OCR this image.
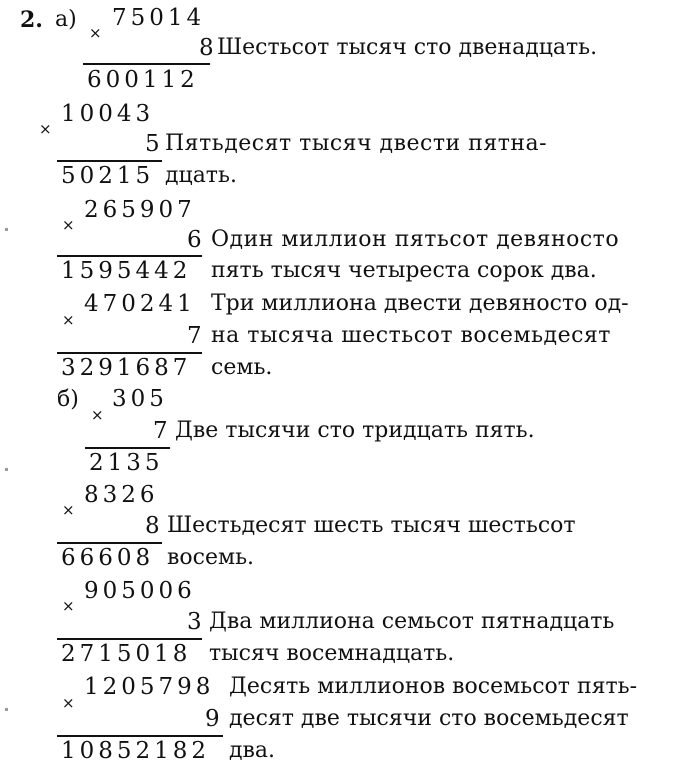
2. а) 75014
×
8
600112
Шестьсот тысяч сто двенадцать.
10043
×
5
50215
Пятьдесят тысяч двести пятна-
дцать.
265907
×
6
1595442
Один миллион пятьсот девяносто
пять тысяч четыреста сорок два.
470241
×
7
3291687
Три миллиона двести девяносто од-
на тысяча шестьсот восемьдесят
семь.
б) 305
×
7
2135
Две тысячи сто тридцать пять.
8326
×
8
66608
Шестьдесят шесть тысяч шестьсот
восемь.
905006
×
3
2715018
Два миллиона семьсот пятнадцать
тысяч восемнадцать.
1205798
×
9
10852182
Десять миллионов восемьсот пять-
десят две тысячи сто восемьдесят
два.
